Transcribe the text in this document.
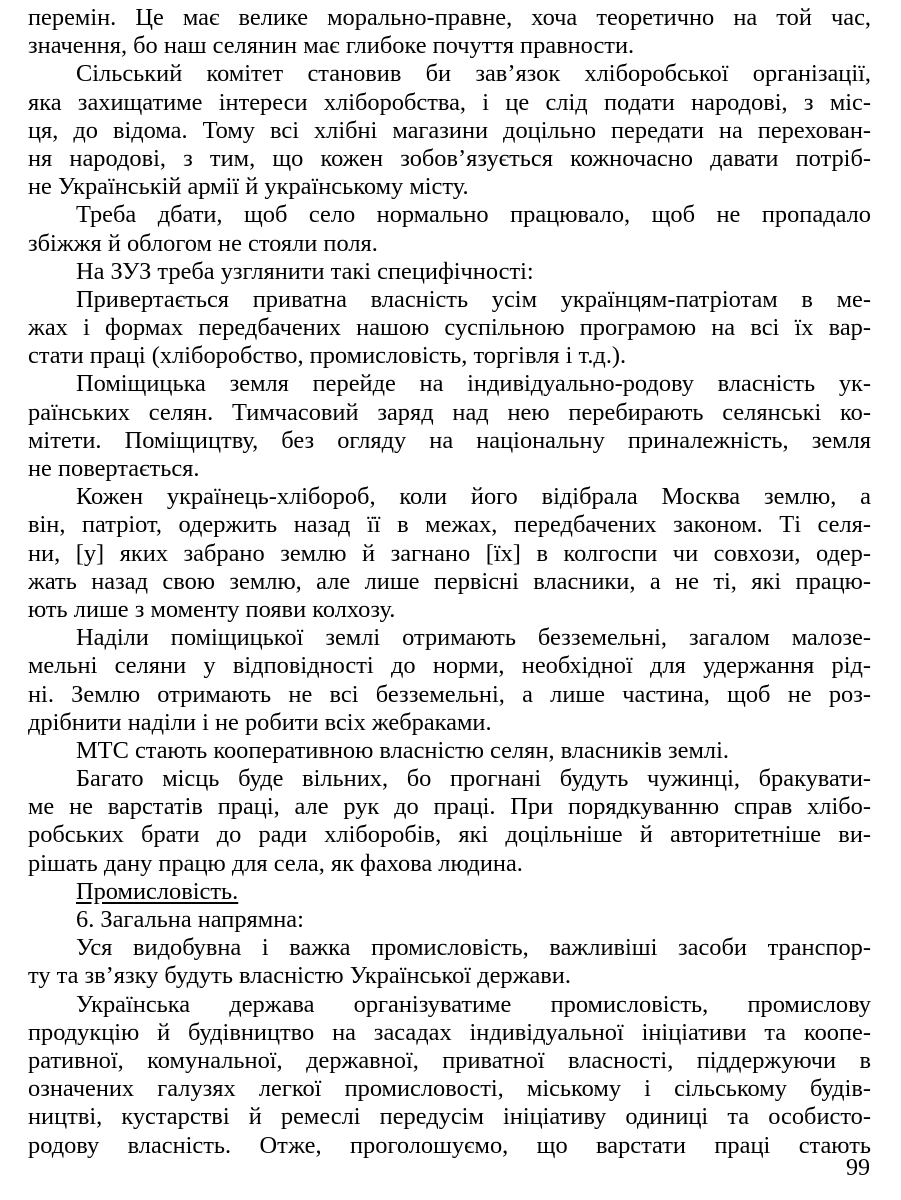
перемін. Це має велике морально-правне, хоча теоретично на той час,
значення, бо наш селянин має глибоке почуття правности.
Сільський комітет становив би зав’язок хліборобської організації,
яка захищатиме інтереси хліборобства, і це слід подати народові, з міс-
ця, до відома. Тому всі хлібні магазини доцільно передати на перехован-
ня народові, з тим, що кожен зобов’язується кожночасно давати потріб-
не Українській армії й українському місту.
Треба дбати, щоб село нормально працювало, щоб не пропадало
збіжжя й облогом не стояли поля.
На ЗУЗ треба узглянити такі специфічності:
Привертається приватна власність усім українцям-патріотам в ме-
жах і формах передбачених нашою суспільною програмою на всі їх вар-
стати праці (хліборобство, промисловість, торгівля і т.д.).
Поміщицька земля перейде на індивідуально-родову власність ук-
раїнських селян. Тимчасовий заряд над нею перебирають селянські ко-
мітети. Поміщицтву, без огляду на національну приналежність, земля
не повертається.
Кожен українець-хлібороб, коли його відібрала Москва землю, а
він, патріот, одержить назад її в межах, передбачених законом. Ті селя-
ни, [у] яких забрано землю й загнано [їх] в колгоспи чи совхози, одер-
жать назад свою землю, але лише первісні власники, а не ті, які працю-
ють лише з моменту появи колхозу.
Наділи поміщицької землі отримають безземельні, загалом малозе-
мельні селяни у відповідності до норми, необхідної для удержання рід-
ні. Землю отримають не всі безземельні, а лише частина, щоб не роз-
дрібнити наділи і не робити всіх жебраками.
МТС стають кооперативною власністю селян, власників землі.
Багато місць буде вільних, бо прогнані будуть чужинці, бракувати-
ме не варстатів праці, але рук до праці. При порядкуванню справ хлібо-
робських брати до ради хліборобів, які доцільніше й авторитетніше ви-
рішать дану працю для села, як фахова людина.
Промисловість.
6. Загальна напрямна:
Уся видобувна і важка промисловість, важливіші засоби транспор-
ту та зв’язку будуть власністю Української держави.
Українська держава організуватиме промисловість, промислову
продукцію й будівництво на засадах індивідуальної ініціативи та коопе-
ративної, комунальної, державної, приватної власності, піддержуючи в
означених галузях легкої промисловості, міському і сільському будів-
ництві, кустарстві й ремеслі передусім ініціативу одиниці та особисто-
родову власність. Отже, проголошуємо, що варстати праці стають
99
